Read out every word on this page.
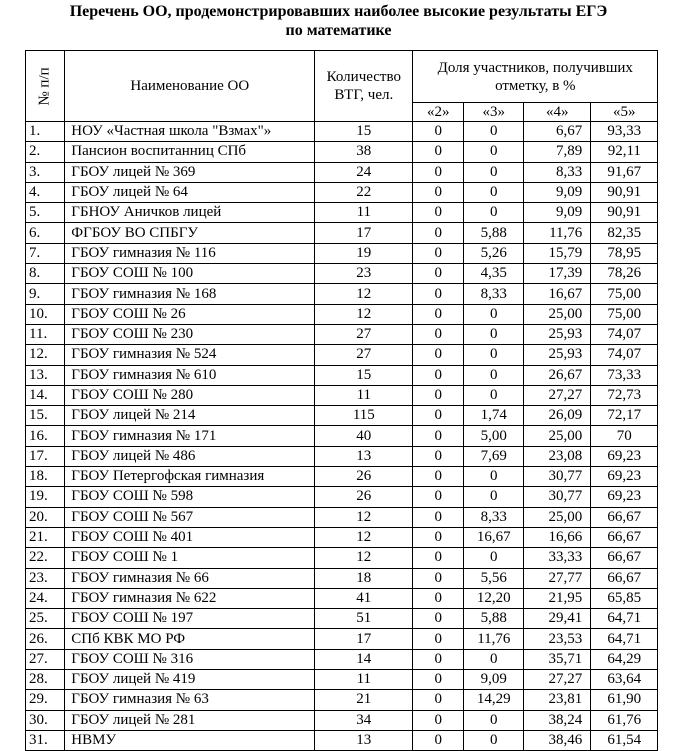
Перечень ОО, продемонстрировавших наиболее высокие результаты ЕГЭ
по математике
№ п/п	Наименование ОО	Количество ВТГ, чел.	Доля участников, получивших отметку, в %			
			«2»	«3»	«4»	«5»
1.	НОУ «Частная школа "Взмах"»	15	0	0	6,67	93,33
2.	Пансион воспитанниц СПб	38	0	0	7,89	92,11
3.	ГБОУ лицей № 369	24	0	0	8,33	91,67
4.	ГБОУ лицей № 64	22	0	0	9,09	90,91
5.	ГБНОУ Аничков лицей	11	0	0	9,09	90,91
6.	ФГБОУ ВО СПБГУ	17	0	5,88	11,76	82,35
7.	ГБОУ гимназия № 116	19	0	5,26	15,79	78,95
8.	ГБОУ СОШ № 100	23	0	4,35	17,39	78,26
9.	ГБОУ гимназия № 168	12	0	8,33	16,67	75,00
10.	ГБОУ СОШ № 26	12	0	0	25,00	75,00
11.	ГБОУ СОШ № 230	27	0	0	25,93	74,07
12.	ГБОУ гимназия № 524	27	0	0	25,93	74,07
13.	ГБОУ гимназия № 610	15	0	0	26,67	73,33
14.	ГБОУ СОШ № 280	11	0	0	27,27	72,73
15.	ГБОУ лицей № 214	115	0	1,74	26,09	72,17
16.	ГБОУ гимназия № 171	40	0	5,00	25,00	70
17.	ГБОУ лицей № 486	13	0	7,69	23,08	69,23
18.	ГБОУ Петергофская гимназия	26	0	0	30,77	69,23
19.	ГБОУ СОШ № 598	26	0	0	30,77	69,23
20.	ГБОУ СОШ № 567	12	0	8,33	25,00	66,67
21.	ГБОУ СОШ № 401	12	0	16,67	16,66	66,67
22.	ГБОУ СОШ № 1	12	0	0	33,33	66,67
23.	ГБОУ гимназия № 66	18	0	5,56	27,77	66,67
24.	ГБОУ гимназия № 622	41	0	12,20	21,95	65,85
25.	ГБОУ СОШ № 197	51	0	5,88	29,41	64,71
26.	СПб КВК МО РФ	17	0	11,76	23,53	64,71
27.	ГБОУ СОШ № 316	14	0	0	35,71	64,29
28.	ГБОУ лицей № 419	11	0	9,09	27,27	63,64
29.	ГБОУ гимназия № 63	21	0	14,29	23,81	61,90
30.	ГБОУ лицей № 281	34	0	0	38,24	61,76
31.	НВМУ	13	0	0	38,46	61,54
